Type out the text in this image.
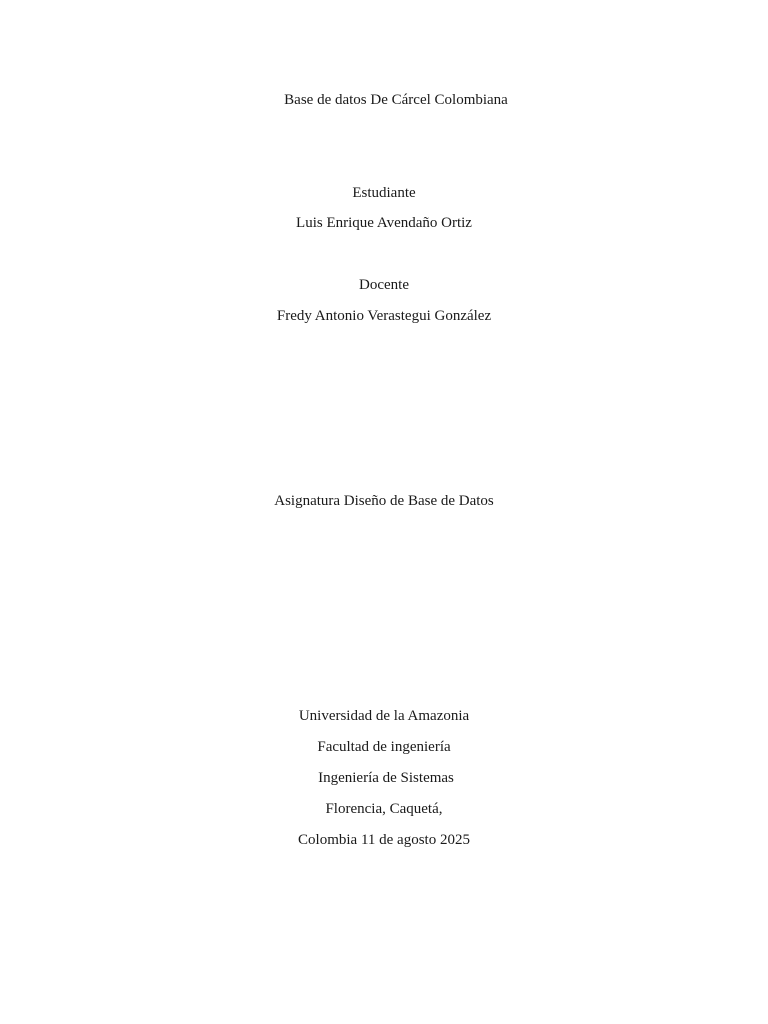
Base de datos De Cárcel Colombiana
Estudiante
Luis Enrique Avendaño Ortiz
Docente
Fredy Antonio Verastegui González
Asignatura Diseño de Base de Datos
Universidad de la Amazonia
Facultad de ingeniería
Ingeniería de Sistemas
Florencia, Caquetá,
Colombia 11 de agosto 2025
